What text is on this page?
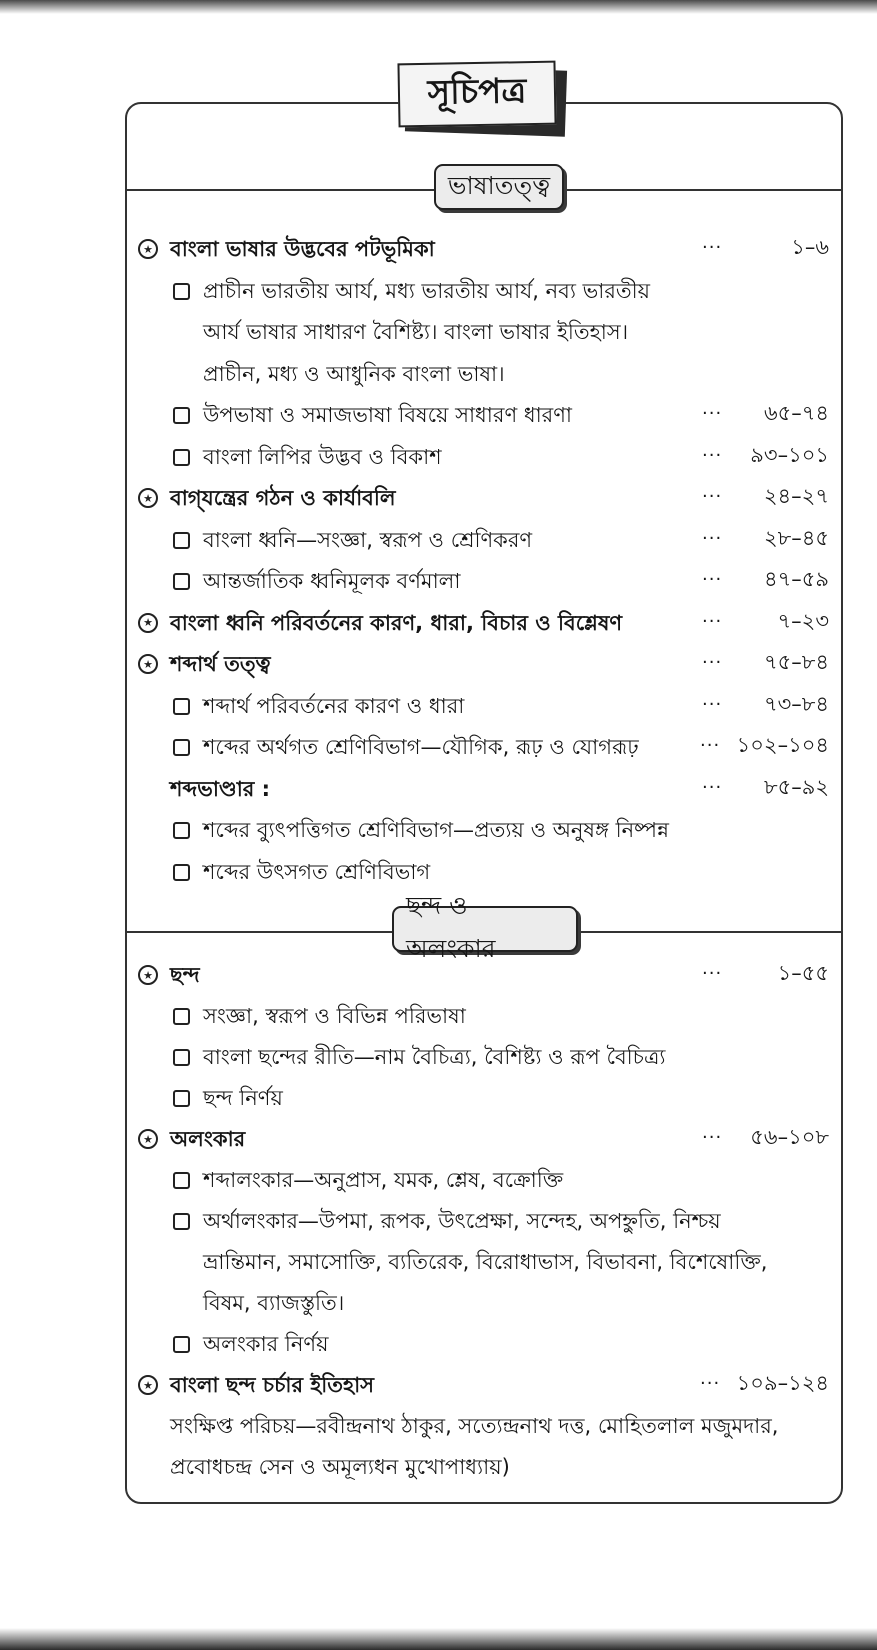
সূচিপত্র
ভাষাতত্ত্ব
ছন্দ ও অলংকার
★ বাংলা ভাষার উদ্ভবের পটভূমিকা	...	১–৬
প্রাচীন ভারতীয় আর্য, মধ্য ভারতীয় আর্য, নব্য ভারতীয়
আর্য ভাষার সাধারণ বৈশিষ্ট্য। বাংলা ভাষার ইতিহাস।
প্রাচীন, মধ্য ও আধুনিক বাংলা ভাষা।
উপভাষা ও সমাজভাষা বিষয়ে সাধারণ ধারণা	... ৬৫–৭৪
বাংলা লিপির উদ্ভব ও বিকাশ	... ৯৩–১০১
★ বাগ্‌যন্ত্রের গঠন ও কার্যাবলি	... ২৪–২৭
বাংলা ধ্বনি—সংজ্ঞা, স্বরূপ ও শ্রেণিকরণ	... ২৮–৪৫
আন্তর্জাতিক ধ্বনিমূলক বর্ণমালা	... ৪৭–৫৯
★ বাংলা ধ্বনি পরিবর্তনের কারণ, ধারা, বিচার ও বিশ্লেষণ	...	৭–২৩
★ শব্দার্থ তত্ত্ব	... ৭৫–৮৪
শব্দার্থ পরিবর্তনের কারণ ও ধারা	... ৭৩–৮৪
শব্দের অর্থগত শ্রেণিবিভাগ—যৌগিক, রূঢ় ও যোগরূঢ়	... ১০২–১০৪
শব্দভাণ্ডার :	... ৮৫–৯২
শব্দের ব্যুৎপত্তিগত শ্রেণিবিভাগ—প্রত্যয় ও অনুষঙ্গ নিষ্পন্ন
শব্দের উৎসগত শ্রেণিবিভাগ
★ ছন্দ	...	১–৫৫
সংজ্ঞা, স্বরূপ ও বিভিন্ন পরিভাষা
বাংলা ছন্দের রীতি—নাম বৈচিত্র্য, বৈশিষ্ট্য ও রূপ বৈচিত্র্য
ছন্দ নির্ণয়
★ অলংকার	... ৫৬–১০৮
শব্দালংকার—অনুপ্রাস, যমক, শ্লেষ, বক্রোক্তি
অর্থালংকার—উপমা, রূপক, উৎপ্রেক্ষা, সন্দেহ, অপহ্নুতি, নিশ্চয়
ভ্রান্তিমান, সমাসোক্তি, ব্যতিরেক, বিরোধাভাস, বিভাবনা, বিশেষোক্তি,
বিষম, ব্যাজস্তুতি।
অলংকার নির্ণয়
★ বাংলা ছন্দ চর্চার ইতিহাস	... ১০৯–১২৪
সংক্ষিপ্ত পরিচয়—রবীন্দ্রনাথ ঠাকুর, সত্যেন্দ্রনাথ দত্ত, মোহিতলাল মজুমদার,
প্রবোধচন্দ্র সেন ও অমূল্যধন মুখোপাধ্যায়)
